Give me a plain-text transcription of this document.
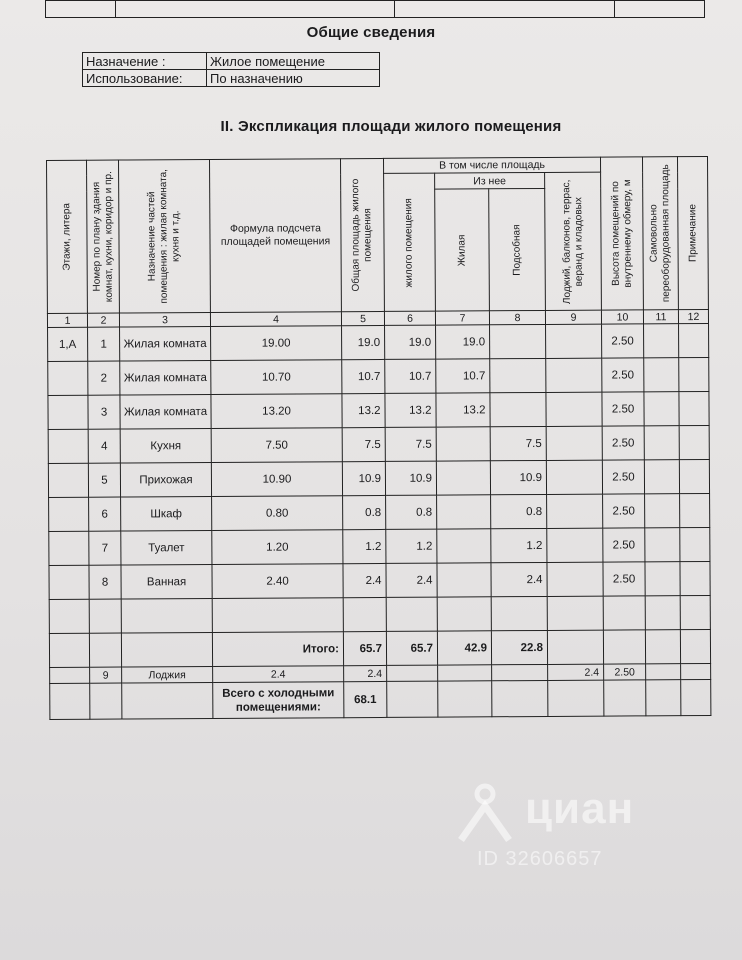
Общие сведения
Назначение :	Жилое помещение
Использование:	По назначению
II. Экспликация площади жилого помещения
Этажи, литера	Номер по плану здания комнат, кухни, коридор и пр.	Назначение частей помещения : жилая комната, кухня и т.д.	Формула подсчета площадей помещения	Общая площадь жилого помещения	В том числе площадь				Высота помещений по внутреннему обмеру, м	Самовольно переоборудованная площадь	Примечание

					жилого помещения	Из нее		Лоджий, балконов, террас, веранд и кладовых			

						Жилая	Подсобная				

1	2	3	4	5	6	7	8	9	10	11	12
1,А	1	Жилая комната	19.00	19.0	19.0	19.0			2.50		
	2	Жилая комната	10.70	10.7	10.7	10.7			2.50		
	3	Жилая комната	13.20	13.2	13.2	13.2			2.50		
	4	Кухня	7.50	7.5	7.5		7.5		2.50		
	5	Прихожая	10.90	10.9	10.9		10.9		2.50		
	6	Шкаф	0.80	0.8	0.8		0.8		2.50		
	7	Туалет	1.20	1.2	1.2		1.2		2.50		
	8	Ванная	2.40	2.4	2.4		2.4		2.50		

			Итого:	65.7	65.7	42.9	22.8				
	9	Лоджия	2.4	2.4				2.4	2.50		
			Всего с холодными помещениями:	68.1							
циан
ID 32606657
